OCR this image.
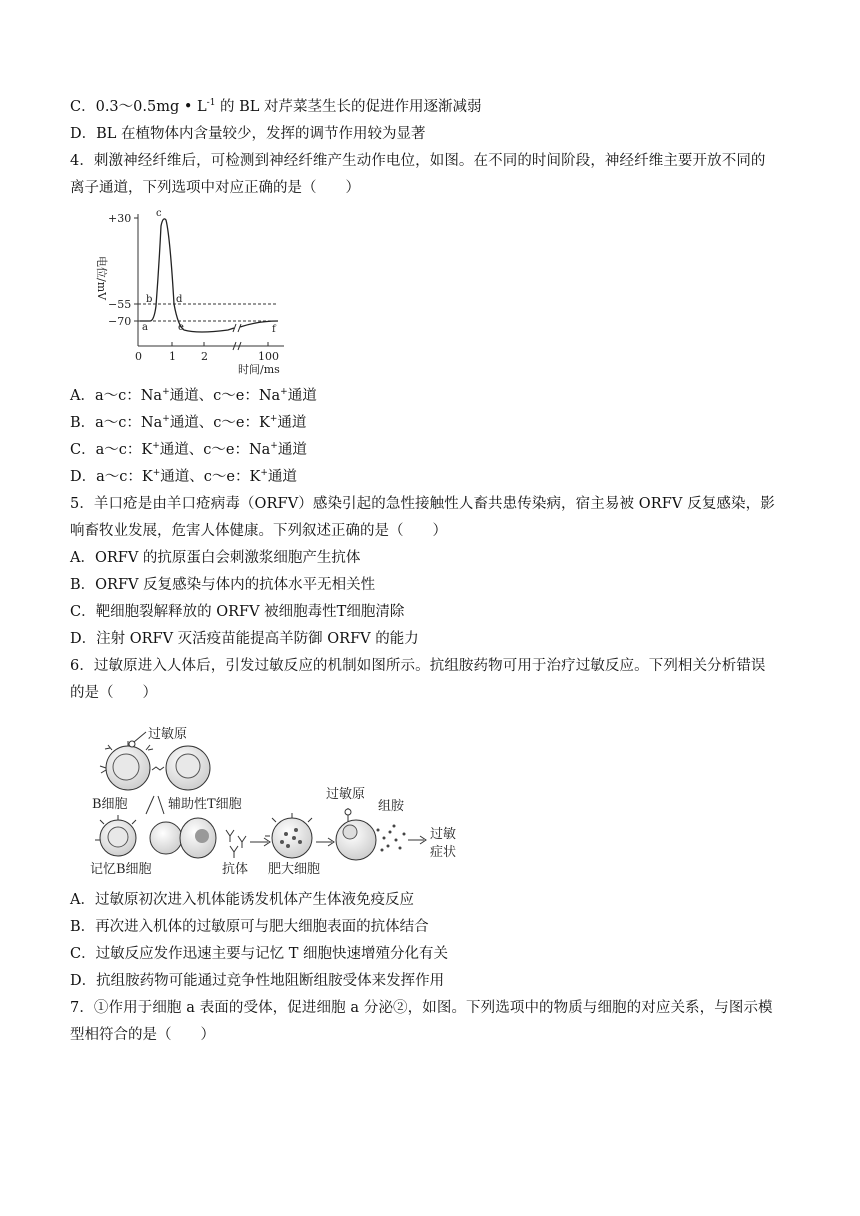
C．0.3～0.5mg • $L^{-1}$ 的 BL 对芹菜茎生长的促进作用逐渐减弱
D．BL 在植物体内含量较少，发挥的调节作用较为显著
4．刺激神经纤维后，可检测到神经纤维产生动作电位，如图。在不同的时间阶段，神经纤维主要开放不同的
离子通道，下列选项中对应正确的是（　　）
+30
−55
−70
电位/mV
a
b
c
d
e	f
0 1 2	100
时间/ms
A．a～c：Na+通道、c～e：Na+通道
B．a～c：Na+通道、c～e：K+通道
C．a～c：K+通道、c～e：Na+通道
D．a～c：K+通道、c～e：K+通道
5．羊口疮是由羊口疮病毒（ORFV）感染引起的急性接触性人畜共患传染病，宿主易被 ORFV 反复感染，影
响畜牧业发展，危害人体健康。下列叙述正确的是（　　）
A．ORFV 的抗原蛋白会刺激浆细胞产生抗体
B．ORFV 反复感染与体内的抗体水平无相关性
C．靶细胞裂解释放的 ORFV 被细胞毒性T细胞清除
D．注射 ORFV 灭活疫苗能提高羊防御 ORFV 的能力
6．过敏原进入人体后，引发过敏反应的机制如图所示。抗组胺药物可用于治疗过敏反应。下列相关分析错误
的是（　　）
过敏原
B细胞	辅助性T细胞
记忆B细胞	抗体 肥大细胞
过敏原
组胺
过敏
症状
A．过敏原初次进入机体能诱发机体产生体液免疫反应
B．再次进入机体的过敏原可与肥大细胞表面的抗体结合
C．过敏反应发作迅速主要与记忆 T 细胞快速增殖分化有关
D．抗组胺药物可能通过竞争性地阻断组胺受体来发挥作用
7．①作用于细胞 a 表面的受体，促进细胞 a 分泌②，如图。下列选项中的物质与细胞的对应关系，与图示模
型相符合的是（　　）
